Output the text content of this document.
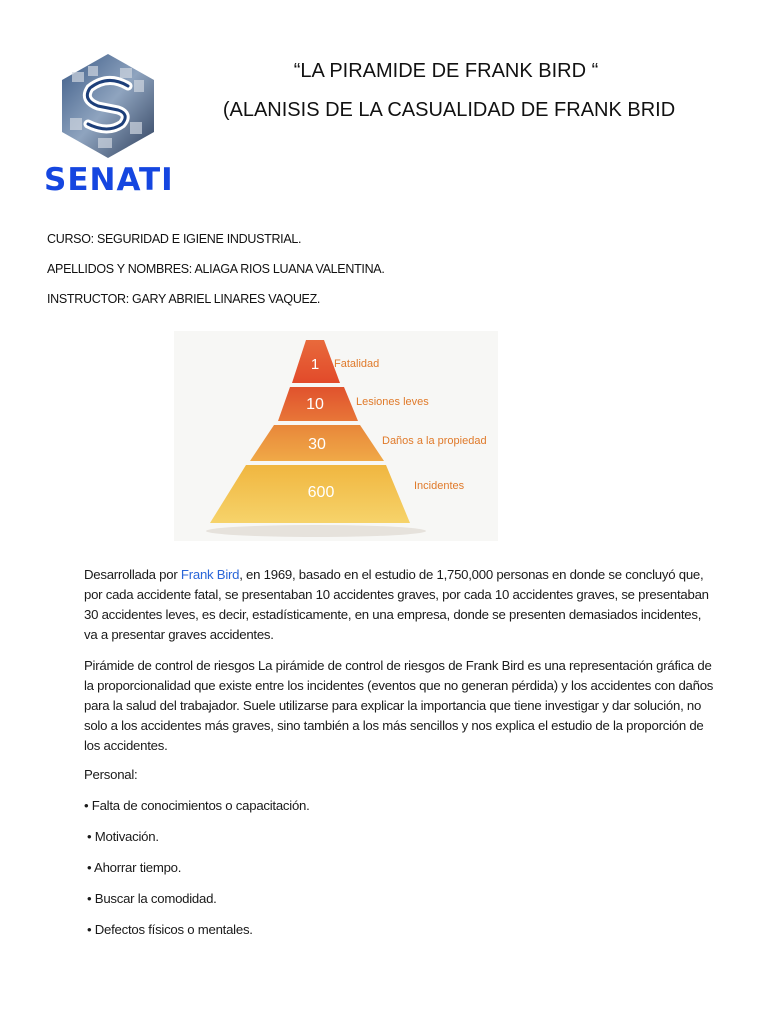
SENATI
“LA PIRAMIDE DE FRANK BIRD “
(ALANISIS DE LA CASUALIDAD DE FRANK BRID
CURSO: SEGURIDAD E IGIENE INDUSTRIAL.
APELLIDOS Y NOMBRES: ALIAGA RIOS LUANA VALENTINA.
INSTRUCTOR: GARY ABRIEL LINARES VAQUEZ.
1
10
30
600
Fatalidad
Lesiones leves
Daños a la propiedad
Incidentes
Desarrollada por Frank Bird, en 1969, basado en el estudio de 1,750,000 personas en donde se concluyó que, por cada accidente fatal, se presentaban 10 accidentes graves, por cada 10 accidentes graves, se presentaban 30 accidentes leves, es decir, estadísticamente, en una empresa, donde se presenten demasiados incidentes, va a presentar graves accidentes.
Pirámide de control de riesgos La pirámide de control de riesgos de Frank Bird es una representación gráfica de la proporcionalidad que existe entre los incidentes (eventos que no generan pérdida) y los accidentes con daños para la salud del trabajador. Suele utilizarse para explicar la importancia que tiene investigar y dar solución, no solo a los accidentes más graves, sino también a los más sencillos y nos explica el estudio de la proporción de los accidentes.
Personal:
• Falta de conocimientos o capacitación.
• Motivación.
• Ahorrar tiempo.
• Buscar la comodidad.
• Defectos físicos o mentales.
